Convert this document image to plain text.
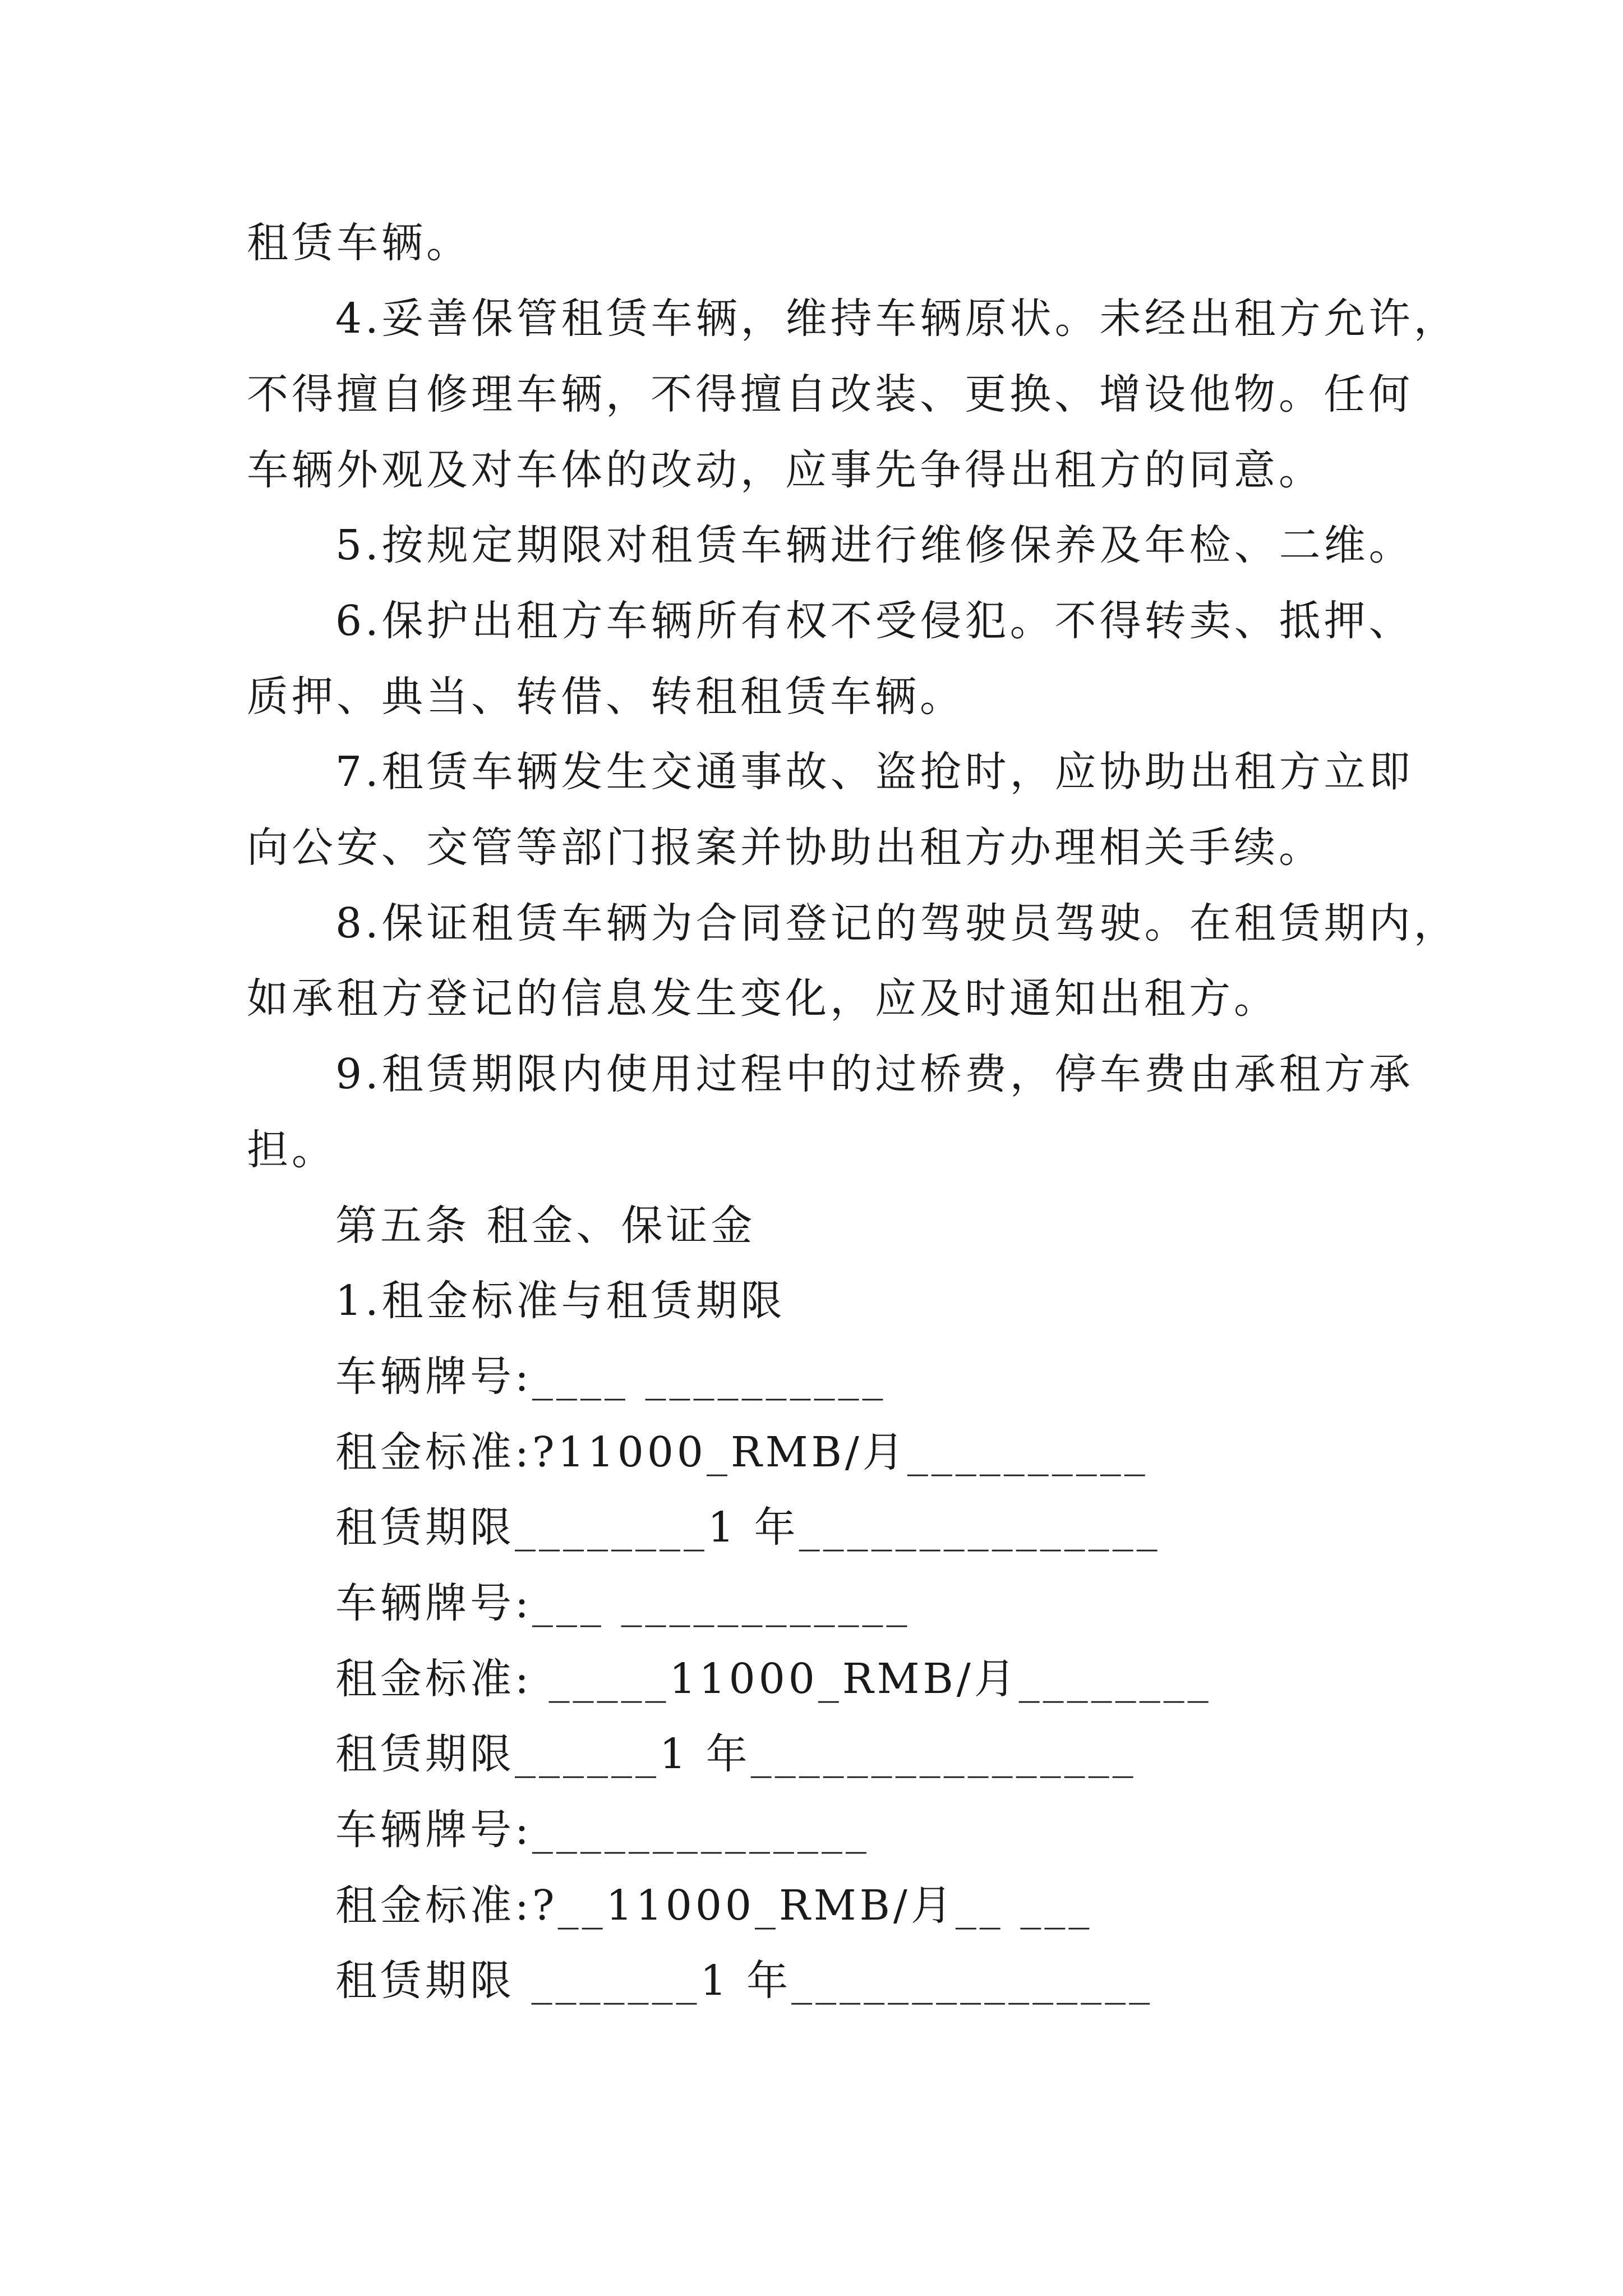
租赁车辆。
4.妥善保管租赁车辆，维持车辆原状。未经出租方允许，
不得擅自修理车辆，不得擅自改装、更换、增设他物。任何
车辆外观及对车体的改动，应事先争得出租方的同意。
5.按规定期限对租赁车辆进行维修保养及年检、二维。
6.保护出租方车辆所有权不受侵犯。不得转卖、抵押、
质押、典当、转借、转租租赁车辆。
7.租赁车辆发生交通事故、盗抢时，应协助出租方立即
向公安、交管等部门报案并协助出租方办理相关手续。
8.保证租赁车辆为合同登记的驾驶员驾驶。在租赁期内，
如承租方登记的信息发生变化，应及时通知出租方。
9.租赁期限内使用过程中的过桥费，停车费由承租方承
担。
第五条 租金、保证金
1.租金标准与租赁期限
车辆牌号:____ __________
租金标准:?11000_RMB/月__________
租赁期限________1 年_______________
车辆牌号:___ ____________
租金标准: _____11000_RMB/月________
租赁期限______1 年________________
车辆牌号:______________
租金标准:?__11000_RMB/月__ ___
租赁期限 _______1 年_______________
